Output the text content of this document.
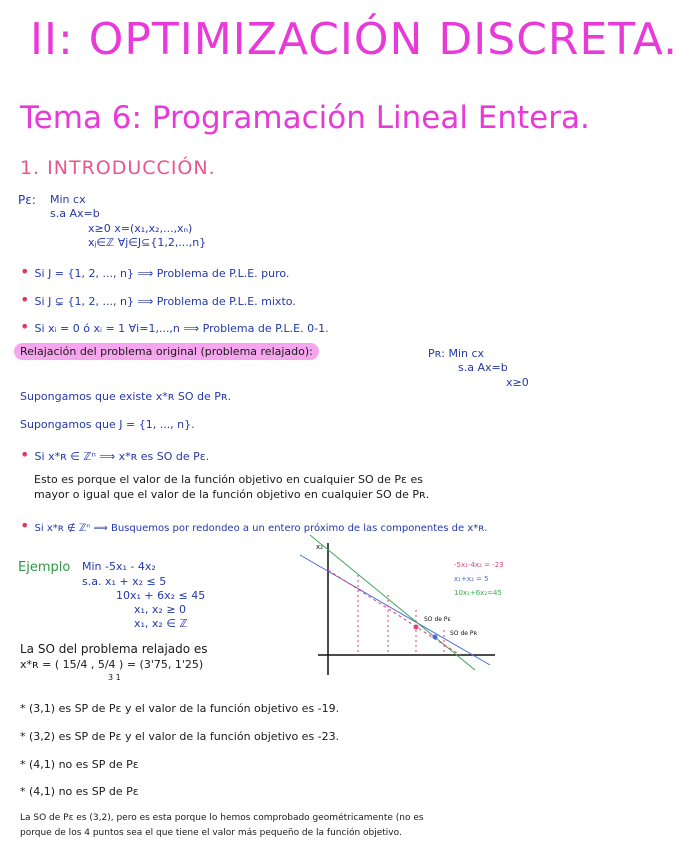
II: OPTIMIZACIÓN DISCRETA.
Tema 6: Programación Lineal Entera.
1. INTRODUCCIÓN.
Pε: Min cx
s.a Ax=b
x≥0 x=(x₁,x₂,...,xₙ)
xⱼ∈ℤ ∀j∈J⊆{1,2,...,n}
• Si J = {1, 2, ..., n} ⟹ Problema de P.L.E. puro.
• Si J ⊊ {1, 2, ..., n} ⟹ Problema de P.L.E. mixto.
• Si xᵢ = 0 ó xᵢ = 1 ∀i=1,...,n ⟹ Problema de P.L.E. 0-1.
Relajación del problema original (problema relajado):	Pʀ: Min cx
s.a Ax=b
x≥0
Supongamos que existe x*ʀ SO de Pʀ.
Supongamos que J = {1, ..., n}.
• Si x*ʀ ∈ ℤⁿ ⟹ x*ʀ es SO de Pε.
Esto es porque el valor de la función objetivo en cualquier SO de Pε es
mayor o igual que el valor de la función objetivo en cualquier SO de Pʀ.
• Si x*ʀ ∉ ℤⁿ ⟹ Busquemos por redondeo a un entero próximo de las componentes de x*ʀ.
Ejemplo Min -5x₁ - 4x₂
s.a. x₁ + x₂ ≤ 5
10x₁ + 6x₂ ≤ 45
x₁, x₂ ≥ 0
x₁, x₂ ∈ ℤ
La SO del problema relajado es
x*ʀ = ( 15/4 , 5/4 ) = (3'75, 1'25)
3 1
x₂
SO de Pε
SO de Pʀ
-5x₁-4x₂ = -23
x₁+x₂ = 5
10x₁+6x₂=45
* (3,1) es SP de Pε y el valor de la función objetivo es -19.
* (3,2) es SP de Pε y el valor de la función objetivo es -23.
* (4,1) no es SP de Pε
* (4,1) no es SP de Pε
La SO de Pε es (3,2), pero es esta porque lo hemos comprobado geométricamente (no es
porque de los 4 puntos sea el que tiene el valor más pequeño de la función objetivo.
